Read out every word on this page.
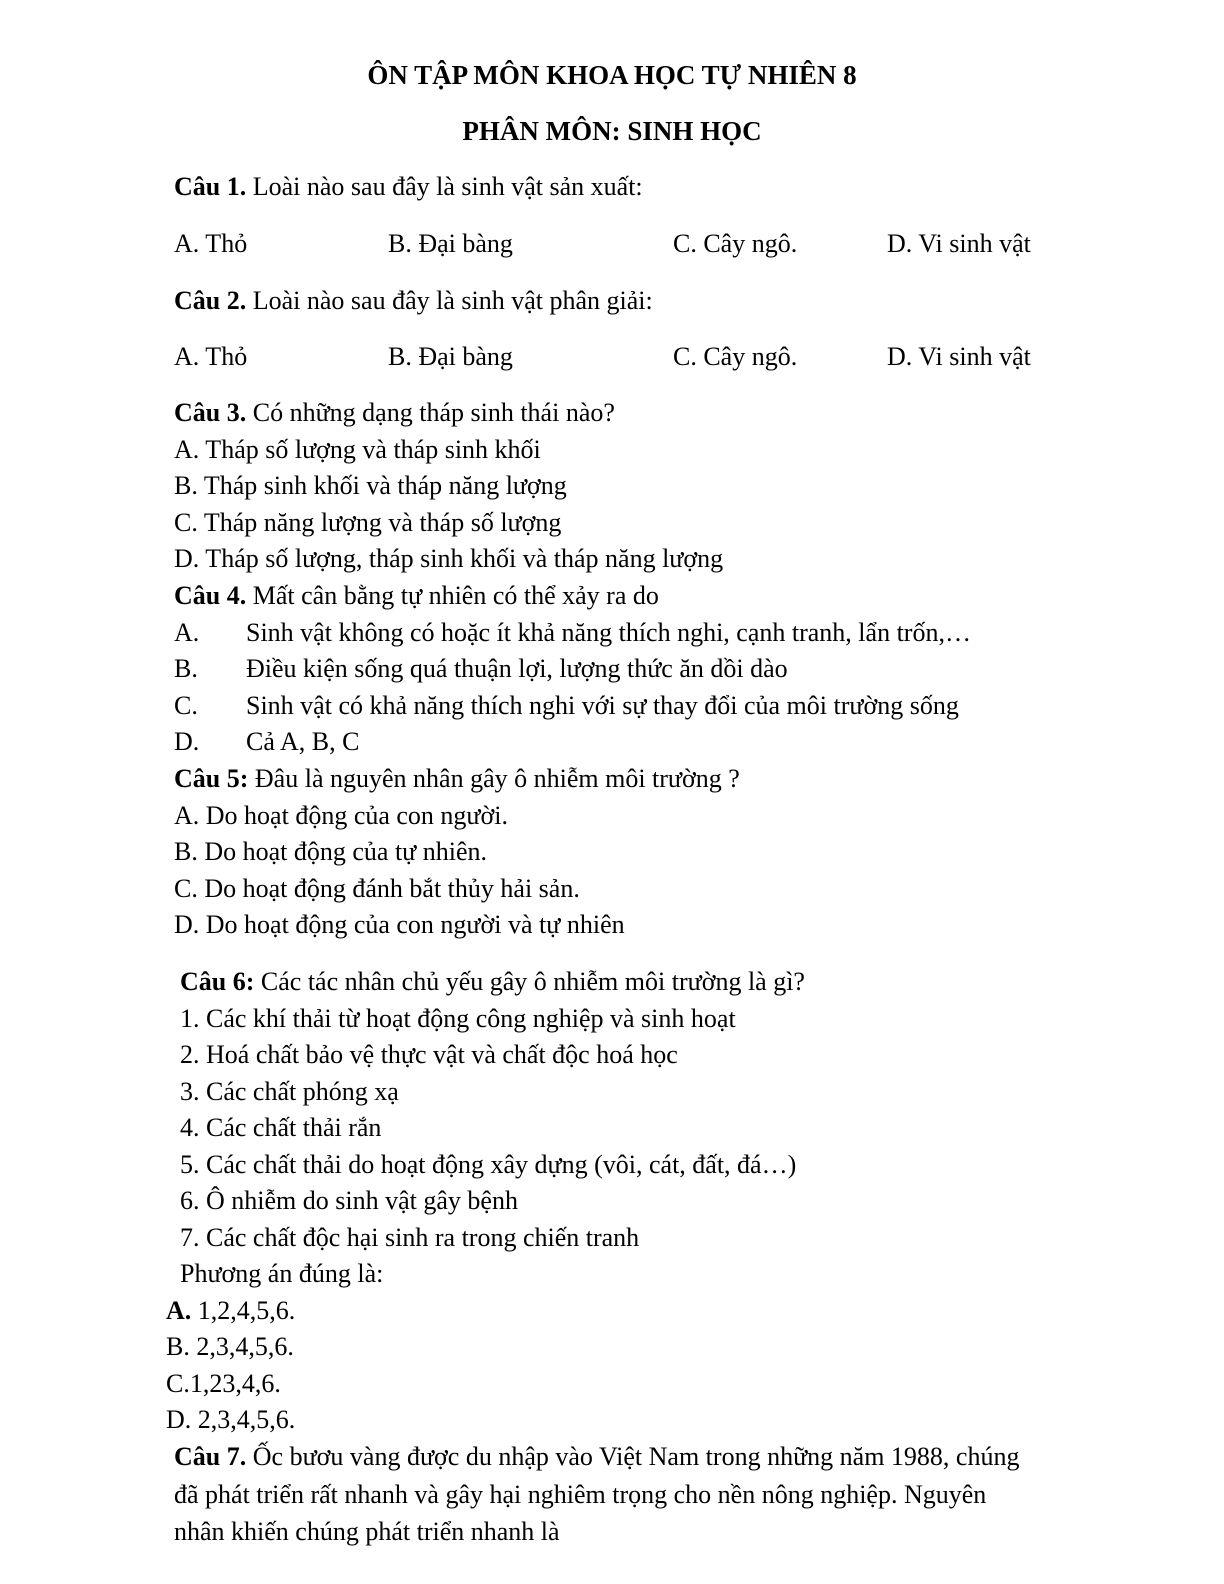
ÔN TẬP MÔN KHOA HỌC TỰ NHIÊN 8
PHÂN MÔN: SINH HỌC
Câu 1. Loài nào sau đây là sinh vật sản xuất:
A. Thỏ	B. Đại bàng	C. Cây ngô.	D. Vi sinh vật
Câu 2. Loài nào sau đây là sinh vật phân giải:
A. Thỏ	B. Đại bàng	C. Cây ngô.	D. Vi sinh vật
Câu 3. Có những dạng tháp sinh thái nào?
A. Tháp số lượng và tháp sinh khối
B. Tháp sinh khối và tháp năng lượng
C. Tháp năng lượng và tháp số lượng
D. Tháp số lượng, tháp sinh khối và tháp năng lượng
Câu 4. Mất cân bằng tự nhiên có thể xảy ra do
A. Sinh vật không có hoặc ít khả năng thích nghi, cạnh tranh, lẩn trốn,…
B. Điều kiện sống quá thuận lợi, lượng thức ăn dồi dào
C. Sinh vật có khả năng thích nghi với sự thay đổi của môi trường sống
D. Cả A, B, C
Câu 5: Đâu là nguyên nhân gây ô nhiễm môi trường ?
A. Do hoạt động của con người.
B. Do hoạt động của tự nhiên.
C. Do hoạt động đánh bắt thủy hải sản.
D. Do hoạt động của con người và tự nhiên
Câu 6: Các tác nhân chủ yếu gây ô nhiễm môi trường là gì?
1. Các khí thải từ hoạt động công nghiệp và sinh hoạt
2. Hoá chất bảo vệ thực vật và chất độc hoá học
3. Các chất phóng xạ
4. Các chất thải rắn
5. Các chất thải do hoạt động xây dựng (vôi, cát, đất, đá…)
6. Ô nhiễm do sinh vật gây bệnh
7. Các chất độc hại sinh ra trong chiến tranh
Phương án đúng là:
A. 1,2,4,5,6.
B. 2,3,4,5,6.
C.1,23,4,6.
D. 2,3,4,5,6.
Câu 7. Ốc bươu vàng được du nhập vào Việt Nam trong những năm 1988, chúng
đã phát triển rất nhanh và gây hại nghiêm trọng cho nền nông nghiệp. Nguyên
nhân khiến chúng phát triển nhanh là
